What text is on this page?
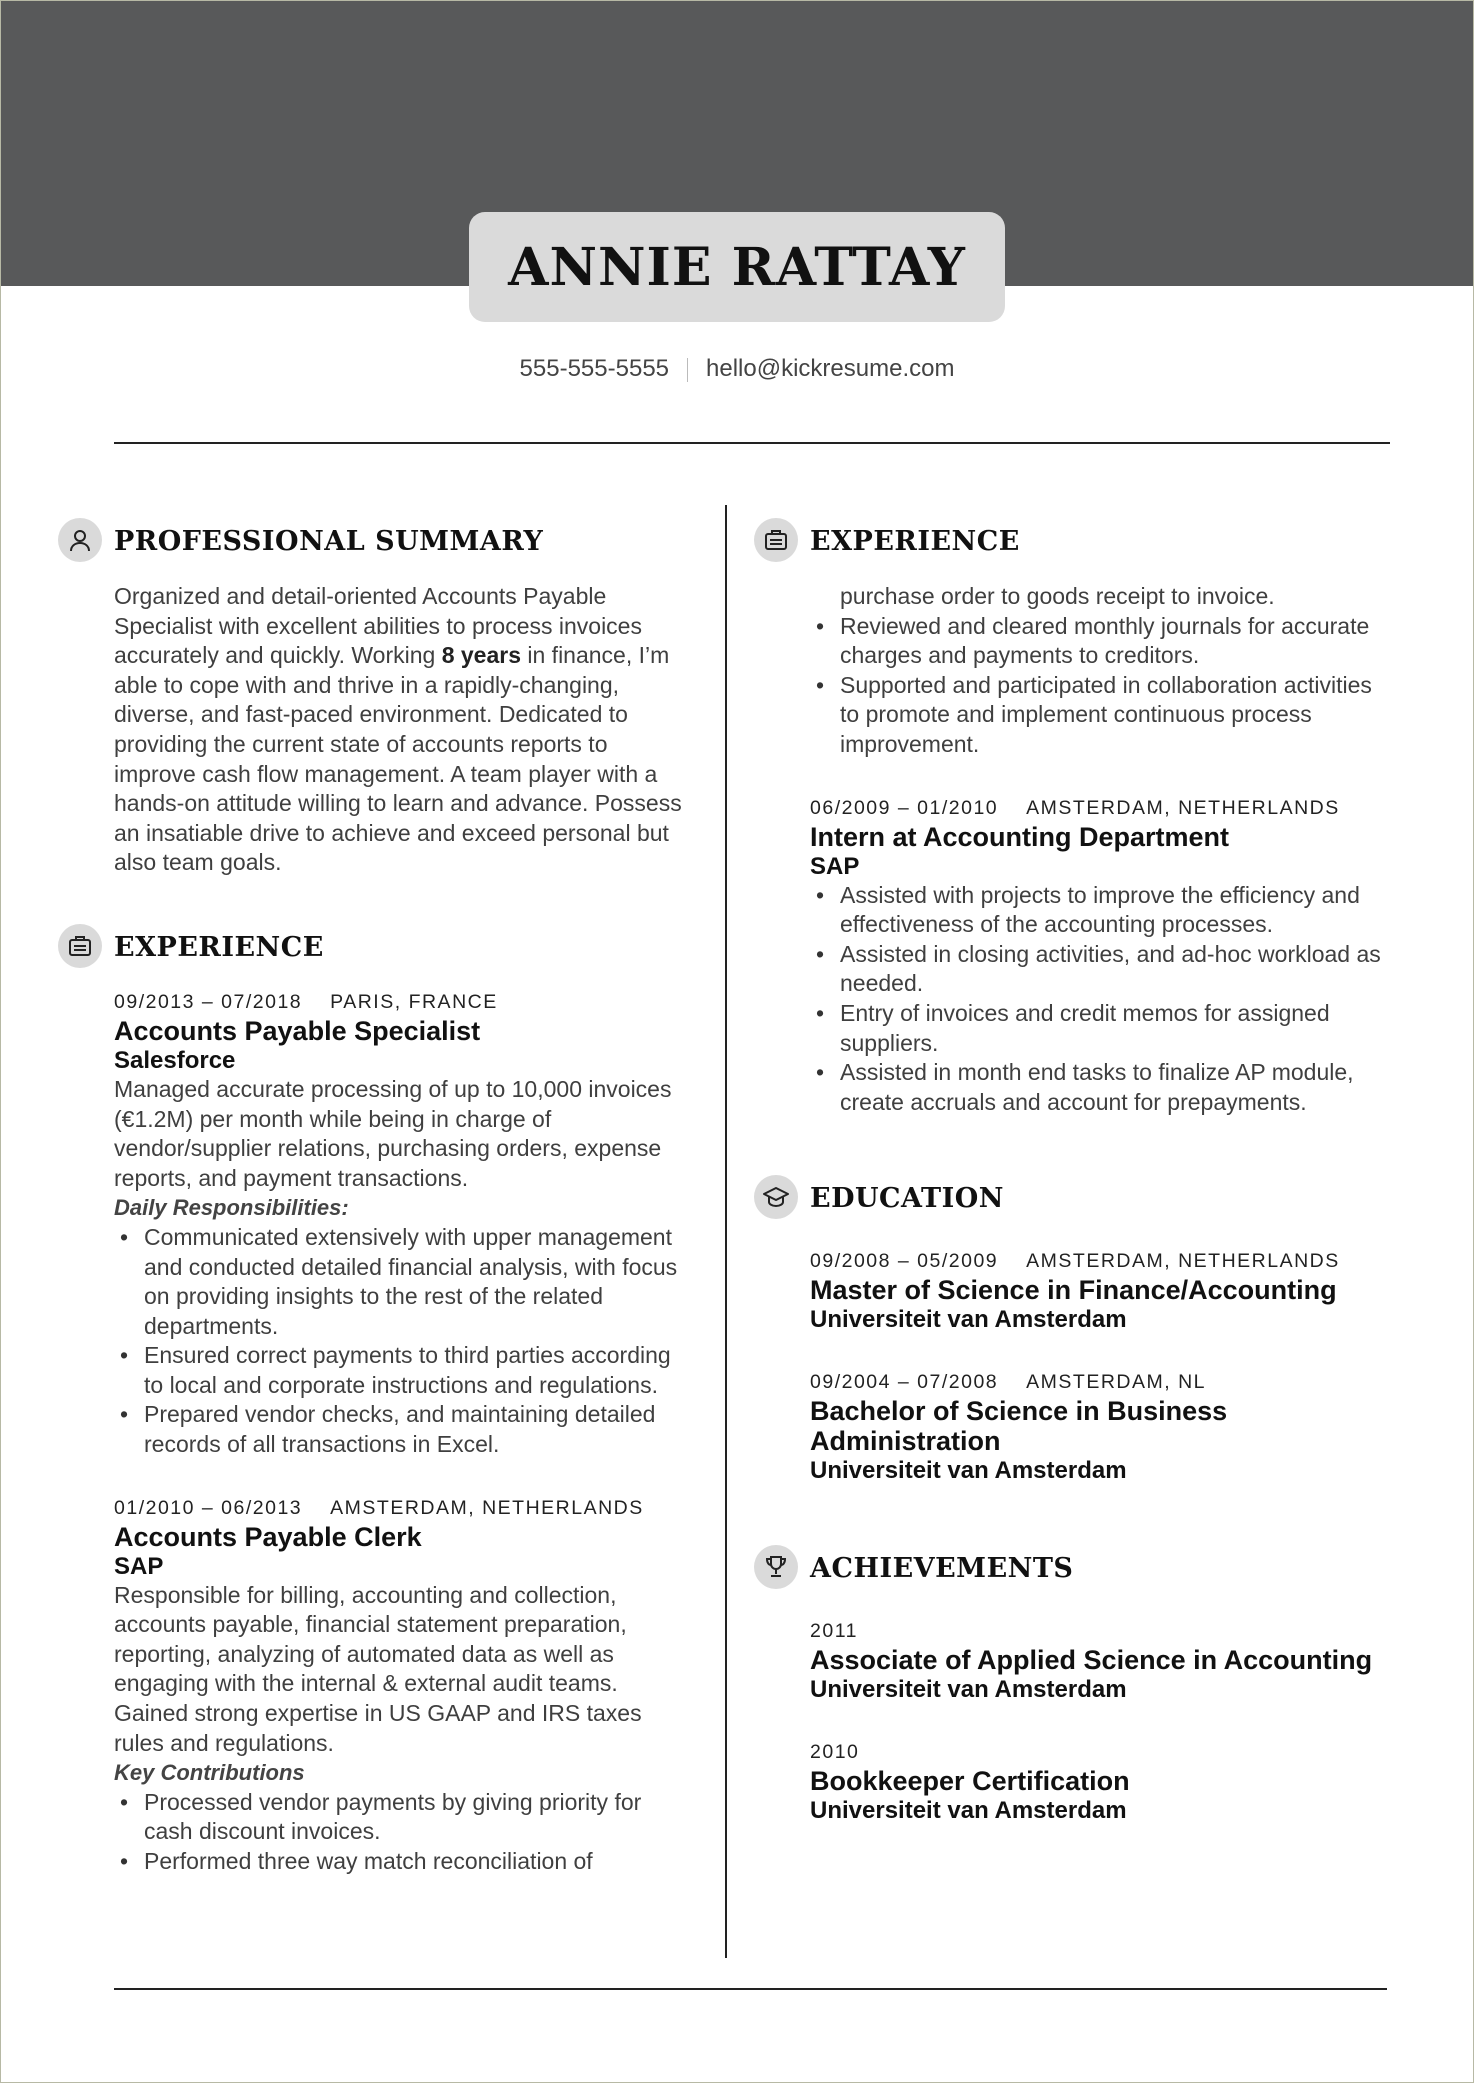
ANNIE RATTAY
555-555-5555 hello@kickresume.com
PROFESSIONAL SUMMARY

Organized and detail-oriented Accounts Payable Specialist with excellent abilities to process invoices accurately and quickly. Working 8 years in finance, I’m able to cope with and thrive in a rapidly-changing, diverse, and fast-paced environment. Dedicated to providing the current state of accounts reports to improve cash flow management. A team player with a hands-on attitude willing to learn and advance. Possess an insatiable drive to achieve and exceed personal but also team goals.

EXPERIENCE
09/2013 – 07/2018 PARIS, FRANCE
Accounts Payable Specialist
Salesforce

Managed accurate processing of up to 10,000 invoices (€1.2M) per month while being in charge of vendor/supplier relations, purchasing orders, expense reports, and payment transactions.

Daily Responsibilities:
• Communicated extensively with upper management and conducted detailed financial analysis, with focus on providing insights to the rest of the related departments.
• Ensured correct payments to third parties according to local and corporate instructions and regulations.
• Prepared vendor checks, and maintaining detailed records of all transactions in Excel.
01/2010 – 06/2013 AMSTERDAM, NETHERLANDS
Accounts Payable Clerk
SAP

Responsible for billing, accounting and collection, accounts payable, financial statement preparation, reporting, analyzing of automated data as well as engaging with the internal & external audit teams. Gained strong expertise in US GAAP and IRS taxes rules and regulations.

Key Contributions
• Processed vendor payments by giving priority for cash discount invoices.
• Performed three way match reconciliation of
EXPERIENCE

purchase order to goods receipt to invoice.

• Reviewed and cleared monthly journals for accurate charges and payments to creditors.
• Supported and participated in collaboration activities to promote and implement continuous process improvement.
06/2009 – 01/2010 AMSTERDAM, NETHERLANDS
Intern at Accounting Department
SAP
• Assisted with projects to improve the efficiency and effectiveness of the accounting processes.
• Assisted in closing activities, and ad-hoc workload as needed.
• Entry of invoices and credit memos for assigned suppliers.
• Assisted in month end tasks to finalize AP module, create accruals and account for prepayments.
EDUCATION
09/2008 – 05/2009 AMSTERDAM, NETHERLANDS
Master of Science in Finance/Accounting
Universiteit van Amsterdam
09/2004 – 07/2008 AMSTERDAM, NL
Bachelor of Science in Business Administration
Universiteit van Amsterdam
ACHIEVEMENTS
2011
Associate of Applied Science in Accounting
Universiteit van Amsterdam
2010
Bookkeeper Certification
Universiteit van Amsterdam
